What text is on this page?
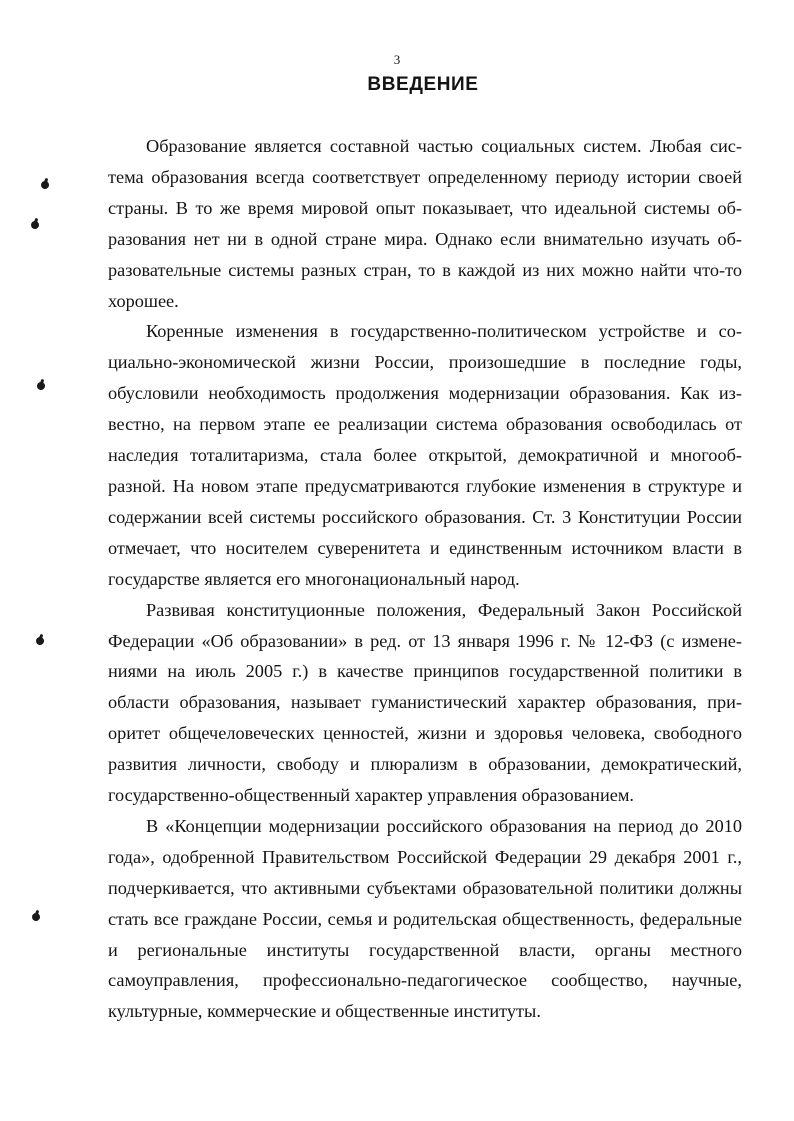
3
ВВЕДЕНИЕ

Образование является составной частью социальных систем. Любая система образования всегда соответствует определенному периоду истории своей страны. В то же время мировой опыт показывает, что идеальной системы образования нет ни в одной стране мира. Однако если внимательно изучать образовательные системы разных стран, то в каждой из них можно найти что-то хорошее.

Коренные изменения в государственно-политическом устройстве и социально-экономической жизни России, произошедшие в последние годы, обусловили необходимость продолжения модернизации образования. Как известно, на первом этапе ее реализации система образования освободилась от наследия тоталитаризма, стала более открытой, демократичной и многообразной. На новом этапе предусматриваются глубокие изменения в структуре и содержании всей системы российского образования. Ст. 3 Конституции России отмечает, что носителем суверенитета и единственным источником власти в государстве является его многонациональный народ.

Развивая конституционные положения, Федеральный Закон Российской Федерации «Об образовании» в ред. от 13 января 1996 г. № 12-ФЗ (с изменениями на июль 2005 г.) в качестве принципов государственной политики в области образования, называет гуманистический характер образования, приоритет общечеловеческих ценностей, жизни и здоровья человека, свободного развития личности, свободу и плюрализм в образовании, демократический, государственно-общественный характер управления образованием.

В «Концепции модернизации российского образования на период до 2010 года», одобренной Правительством Российской Федерации 29 декабря 2001 г., подчеркивается, что активными субъектами образовательной политики должны стать все граждане России, семья и родительская общественность, федеральные и региональные институты государственной власти, органы местного самоуправления, профессионально-педагогическое сообщество, научные, культурные, коммерческие и общественные институты.
